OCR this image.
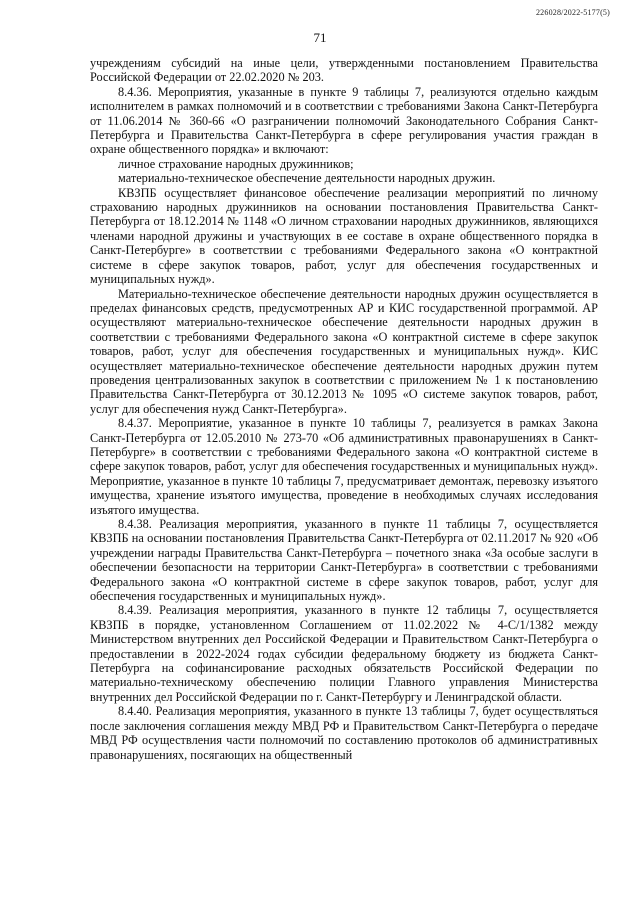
226028/2022-5177(5)
71

учреждениям субсидий на иные цели, утвержденными постановлением Правительства Российской Федерации от 22.02.2020 № 203.

8.4.36. Мероприятия, указанные в пункте 9 таблицы 7, реализуются отдельно каждым исполнителем в рамках полномочий и в соответствии с требованиями Закона Санкт-Петербурга от 11.06.2014 № 360-66 «О разграничении полномочий Законодательного Собрания Санкт-Петербурга и Правительства Санкт-Петербурга в сфере регулирования участия граждан в охране общественного порядка» и включают:

личное страхование народных дружинников;

материально-техническое обеспечение деятельности народных дружин.

КВЗПБ осуществляет финансовое обеспечение реализации мероприятий по личному страхованию народных дружинников на основании постановления Правительства Санкт-Петербурга от 18.12.2014 № 1148 «О личном страховании народных дружинников, являющихся членами народной дружины и участвующих в ее составе в охране общественного порядка в Санкт-Петербурге» в соответствии с требованиями Федерального закона «О контрактной системе в сфере закупок товаров, работ, услуг для обеспечения государственных и муниципальных нужд».

Материально-техническое обеспечение деятельности народных дружин осуществляется в пределах финансовых средств, предусмотренных АР и КИС государственной программой. АР осуществляют материально-техническое обеспечение деятельности народных дружин в соответствии с требованиями Федерального закона «О контрактной системе в сфере закупок товаров, работ, услуг для обеспечения государственных и муниципальных нужд». КИС осуществляет материально-техническое обеспечение деятельности народных дружин путем проведения централизованных закупок в соответствии с приложением № 1 к постановлению Правительства Санкт-Петербурга от 30.12.2013 № 1095 «О системе закупок товаров, работ, услуг для обеспечения нужд Санкт-Петербурга».

8.4.37. Мероприятие, указанное в пункте 10 таблицы 7, реализуется в рамках Закона Санкт-Петербурга от 12.05.2010 № 273-70 «Об административных правонарушениях в Санкт-Петербурге» в соответствии с требованиями Федерального закона «О контрактной системе в сфере закупок товаров, работ, услуг для обеспечения государственных и муниципальных нужд». Мероприятие, указанное в пункте 10 таблицы 7, предусматривает демонтаж, перевозку изъятого имущества, хранение изъятого имущества, проведение в необходимых случаях исследования изъятого имущества.

8.4.38. Реализация мероприятия, указанного в пункте 11 таблицы 7, осуществляется КВЗПБ на основании постановления Правительства Санкт-Петербурга от 02.11.2017 № 920 «Об учреждении награды Правительства Санкт-Петербурга – почетного знака «За особые заслуги в обеспечении безопасности на территории Санкт-Петербурга» в соответствии с требованиями Федерального закона «О контрактной системе в сфере закупок товаров, работ, услуг для обеспечения государственных и муниципальных нужд».

8.4.39. Реализация мероприятия, указанного в пункте 12 таблицы 7, осуществляется КВЗПБ в порядке, установленном Соглашением от 11.02.2022 № 4-С/1/1382 между Министерством внутренних дел Российской Федерации и Правительством Санкт-Петербурга о предоставлении в 2022-2024 годах субсидии федеральному бюджету из бюджета Санкт-Петербурга на софинансирование расходных обязательств Российской Федерации по материально-техническому обеспечению полиции Главного управления Министерства внутренних дел Российской Федерации по г. Санкт-Петербургу и Ленинградской области.

8.4.40. Реализация мероприятия, указанного в пункте 13 таблицы 7, будет осуществляться после заключения соглашения между МВД РФ и Правительством Санкт-Петербурга о передаче МВД РФ осуществления части полномочий по составлению протоколов об административных правонарушениях, посягающих на общественный
